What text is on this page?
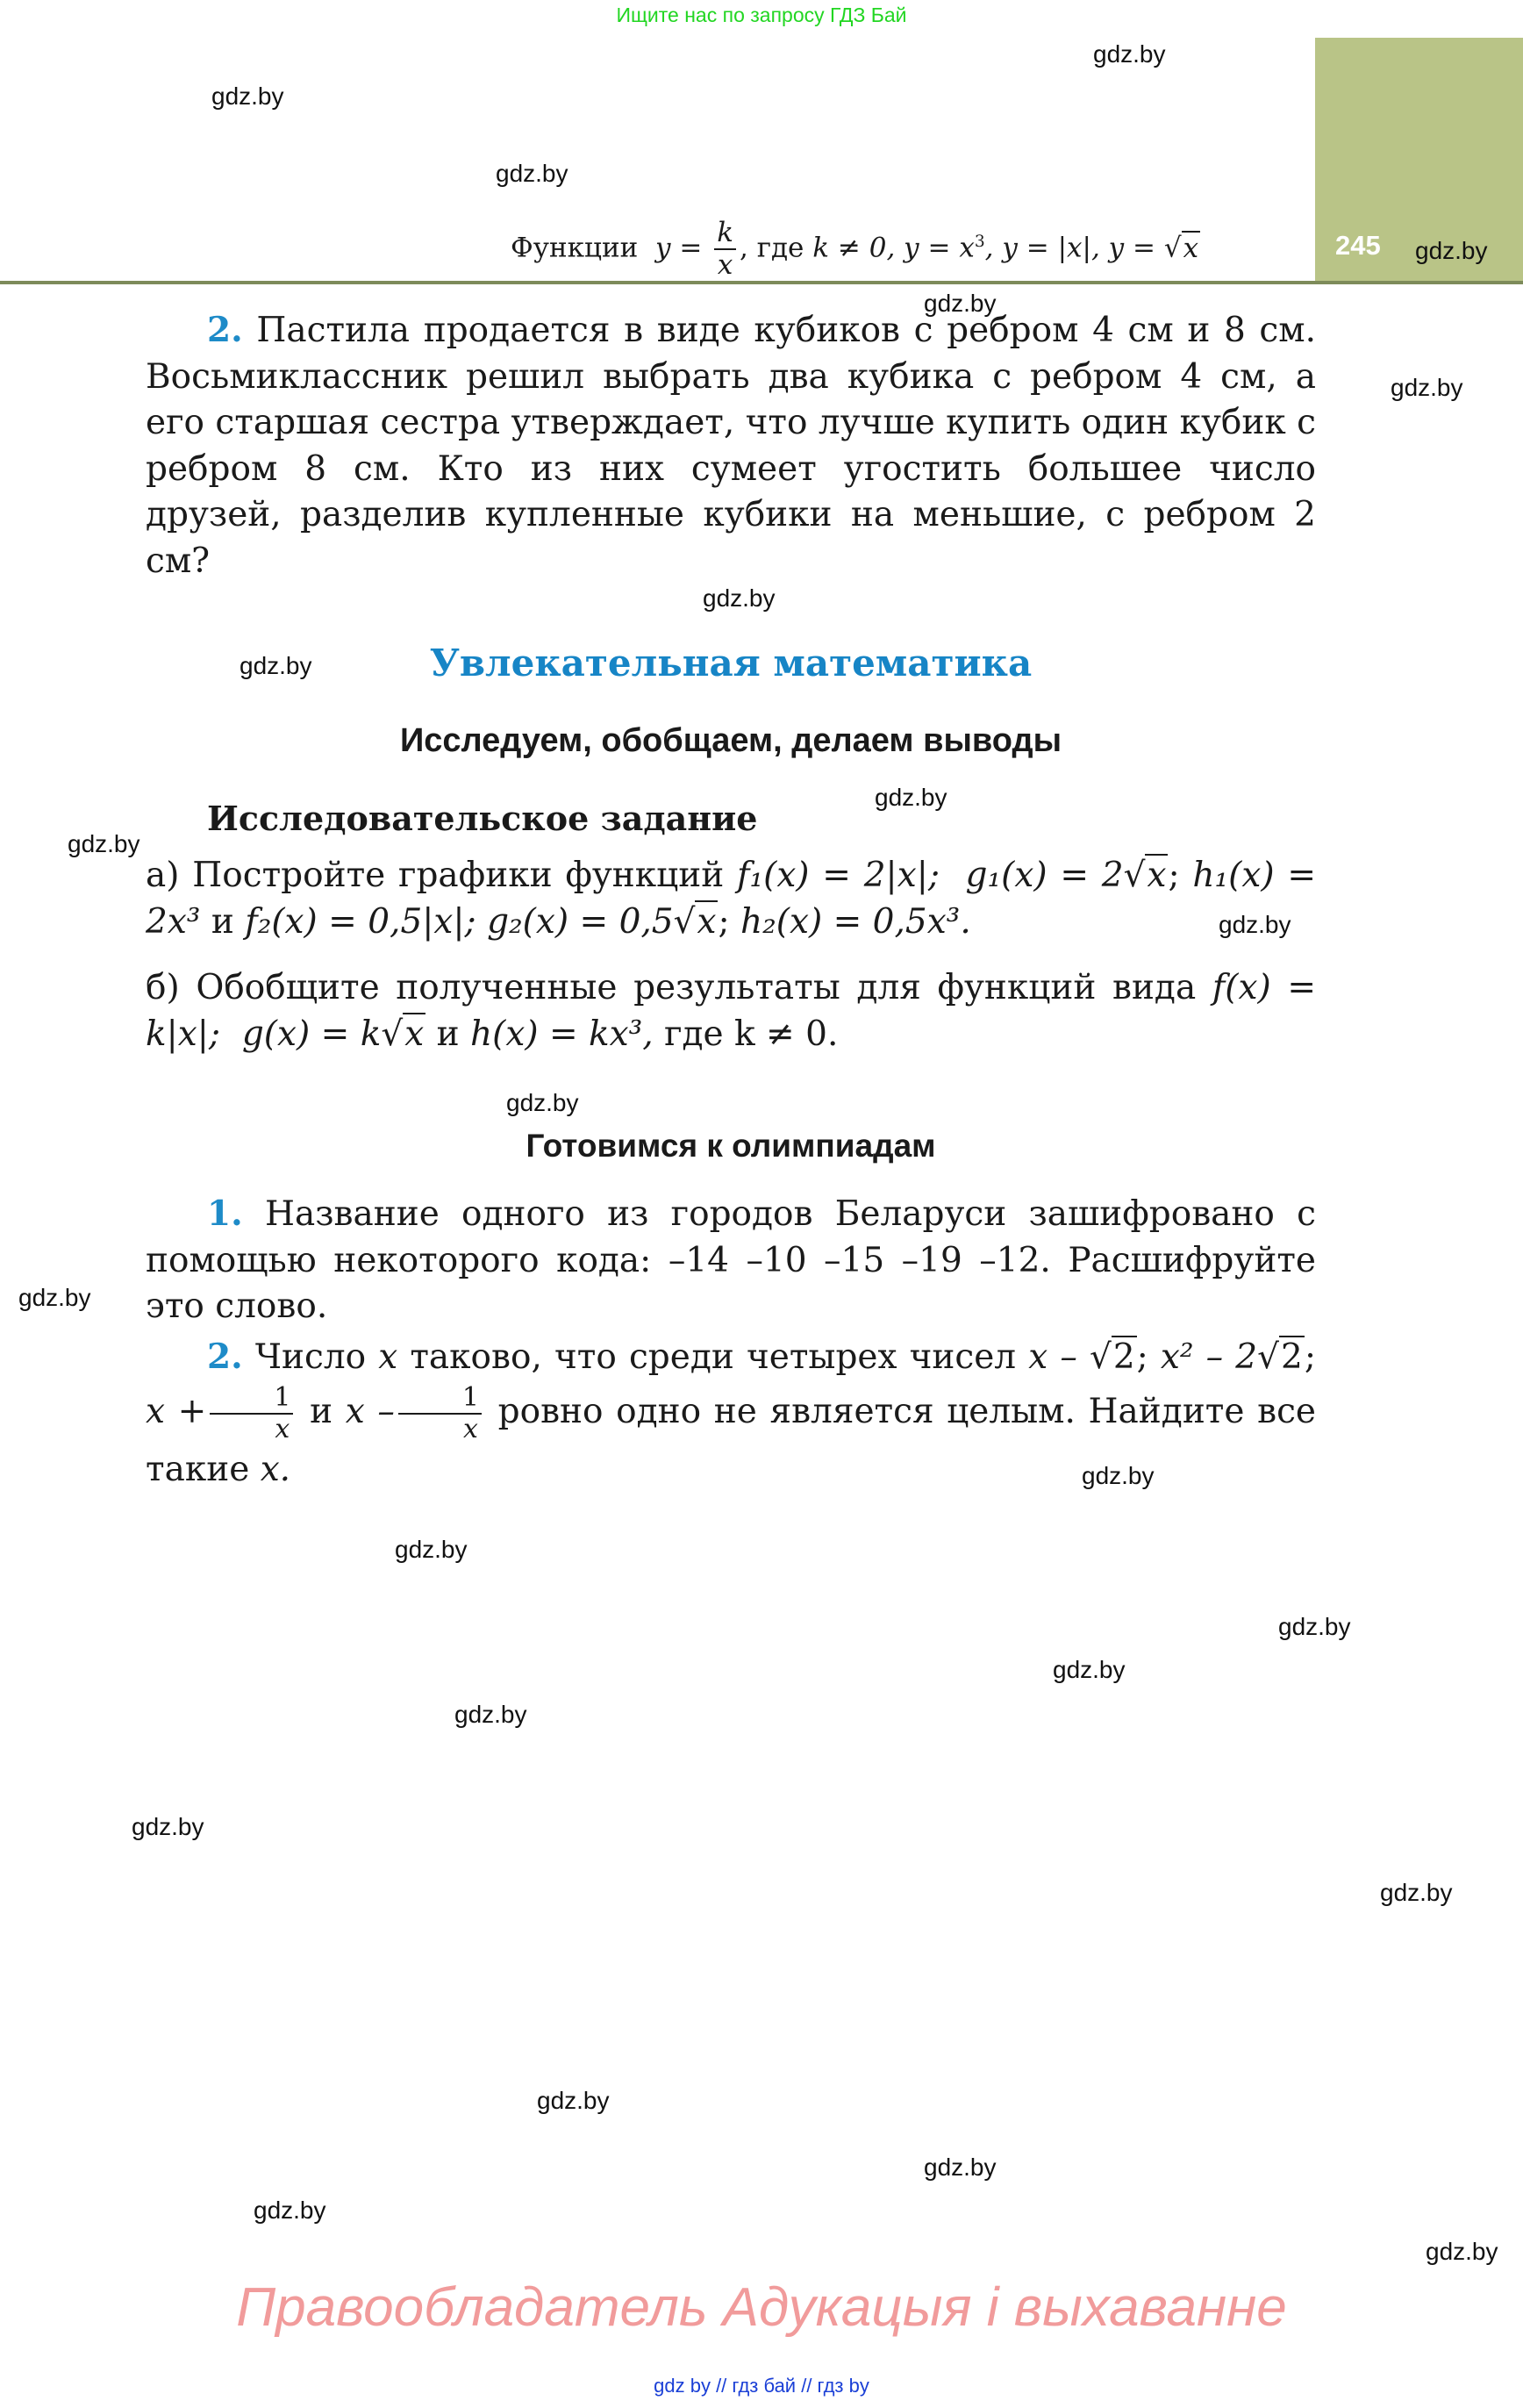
Ищите нас по запросу ГДЗ Бай
245
Функции $y = \frac{k}{x}$ , где k ≠ 0, $y = x^3$, y = |x|, y = √x
2. Пастила продается в виде кубиков с ребром 4 см и 8 см. Восьмиклассник решил выбрать два кубика с ребром 4 см, а его старшая сестра утверждает, что лучше купить один кубик с ребром 8 см. Кто из них сумеет угостить большее число друзей, разделив купленные кубики на меньшие, с ребром 2 см?
Увлекательная математика
Исследуем, обобщаем, делаем выводы
Исследовательское задание
а) Постройте графики функций f₁(x) = 2|x|; g₁(x) = 2√x; h₁(x) = 2x³ и f₂(x) = 0,5|x|; g₂(x) = 0,5√x; h₂(x) = 0,5x³.
б) Обобщите полученные результаты для функций вида f(x) = k|x|; g(x) = k√x и h(x) = kx³, где k ≠ 0.
Готовимся к олимпиадам
1. Название одного из городов Беларуси зашифровано с помощью некоторого кода: –14 –10 –15 –19 –12. Расшифруйте это слово.
2. Число x таково, что среди четырех чисел x – √2; x² – 2√2; $x + \frac{1}{x}$ и x – $\frac{1}{x}$ ровно одно не является целым. Найдите все такие x.
gdz.by
gdz.by
gdz.by
gdz.by
gdz.by
gdz.by
gdz.by
gdz.by
gdz.by
gdz.by
gdz.by
gdz.by
gdz.by
gdz.by
gdz.by
gdz.by
gdz.by
gdz.by
gdz.by
gdz.by
gdz.by
gdz.by
gdz.by
gdz.by
Правообладатель Адукацыя і выхаванне
gdz by // гдз бай // гдз by
